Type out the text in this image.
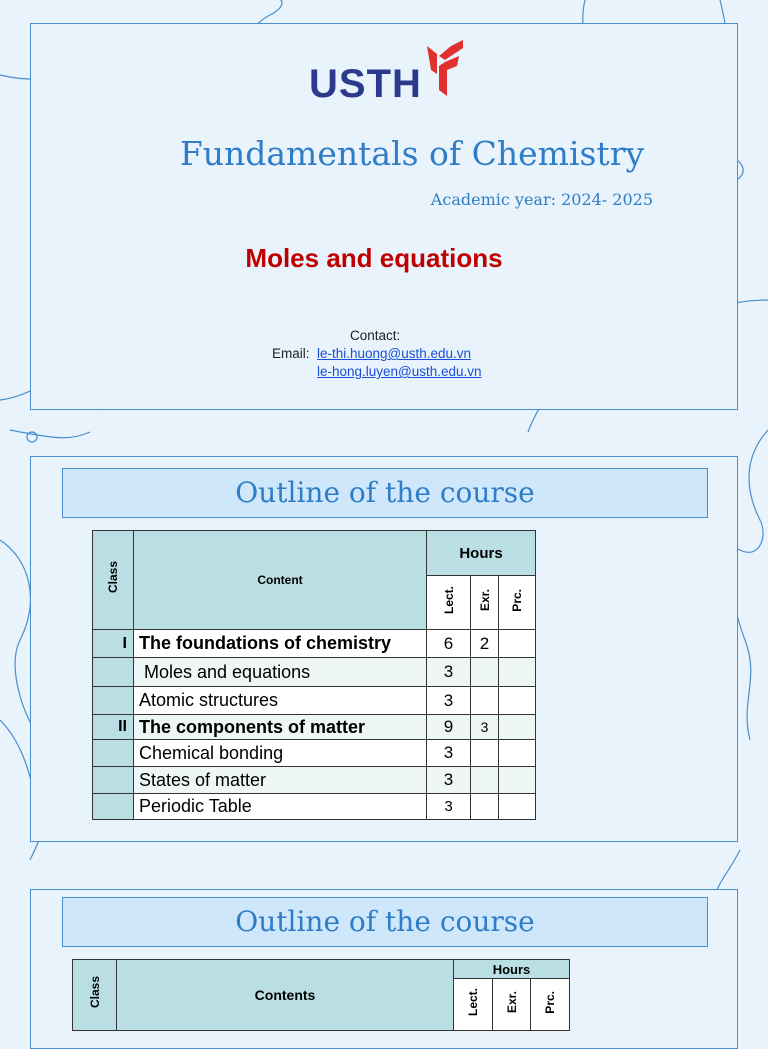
USTH
Fundamentals of Chemistry
Academic year: 2024- 2025
Moles and equations
Contact:
Email: le-thi.huong@usth.edu.vn
le-hong.luyen@usth.edu.vn
Outline of the course
Class	Content	Hours		
		Lect.	Exr.	Prc.
I	The foundations of chemistry	6	2	
	Moles and equations	3		
	Atomic structures	3		
II	The components of matter	9	3	
	Chemical bonding	3		
	States of matter	3		
	Periodic Table	3		
Outline of the course
Class	Contents	Hours		
		Lect.	Exr.	Prc.
